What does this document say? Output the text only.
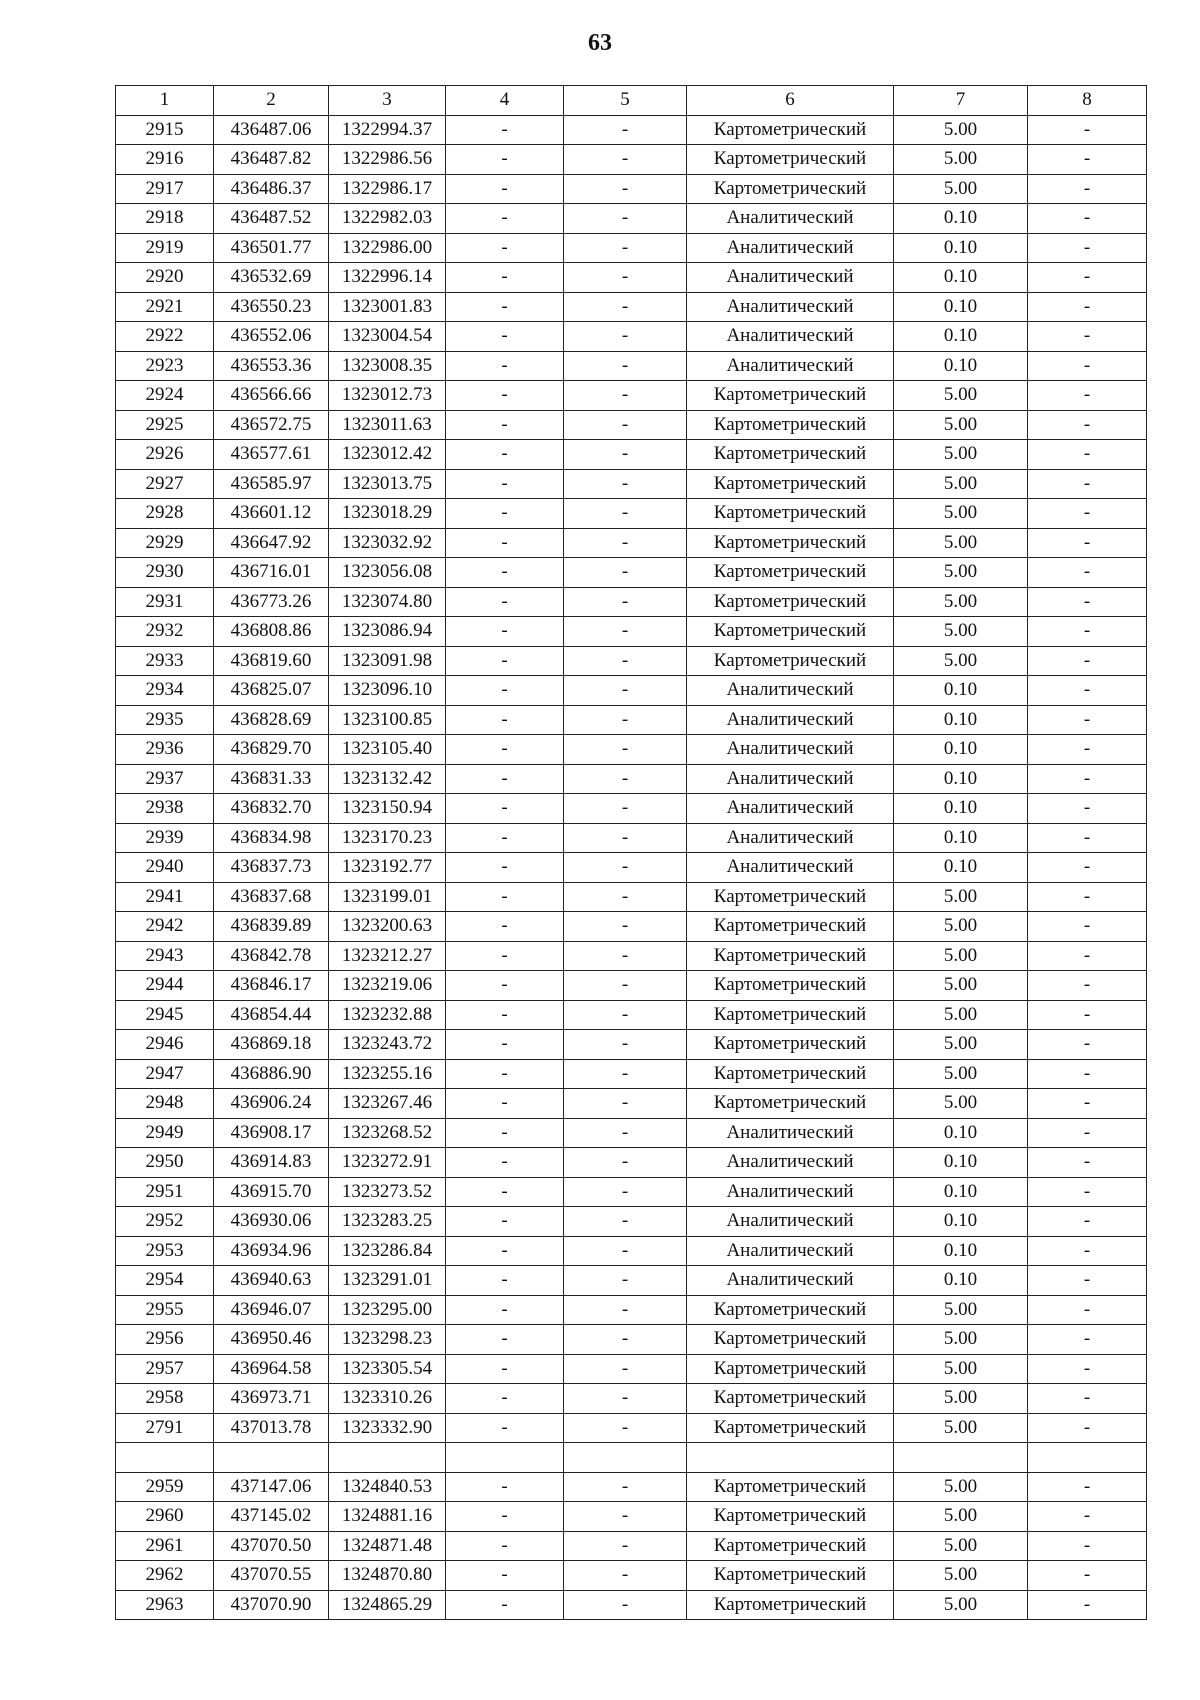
63
1	2	3	4	5	6	7	8
2915	436487.06	1322994.37	-	-	Картометрический	5.00	-
2916	436487.82	1322986.56	-	-	Картометрический	5.00	-
2917	436486.37	1322986.17	-	-	Картометрический	5.00	-
2918	436487.52	1322982.03	-	-	Аналитический	0.10	-
2919	436501.77	1322986.00	-	-	Аналитический	0.10	-
2920	436532.69	1322996.14	-	-	Аналитический	0.10	-
2921	436550.23	1323001.83	-	-	Аналитический	0.10	-
2922	436552.06	1323004.54	-	-	Аналитический	0.10	-
2923	436553.36	1323008.35	-	-	Аналитический	0.10	-
2924	436566.66	1323012.73	-	-	Картометрический	5.00	-
2925	436572.75	1323011.63	-	-	Картометрический	5.00	-
2926	436577.61	1323012.42	-	-	Картометрический	5.00	-
2927	436585.97	1323013.75	-	-	Картометрический	5.00	-
2928	436601.12	1323018.29	-	-	Картометрический	5.00	-
2929	436647.92	1323032.92	-	-	Картометрический	5.00	-
2930	436716.01	1323056.08	-	-	Картометрический	5.00	-
2931	436773.26	1323074.80	-	-	Картометрический	5.00	-
2932	436808.86	1323086.94	-	-	Картометрический	5.00	-
2933	436819.60	1323091.98	-	-	Картометрический	5.00	-
2934	436825.07	1323096.10	-	-	Аналитический	0.10	-
2935	436828.69	1323100.85	-	-	Аналитический	0.10	-
2936	436829.70	1323105.40	-	-	Аналитический	0.10	-
2937	436831.33	1323132.42	-	-	Аналитический	0.10	-
2938	436832.70	1323150.94	-	-	Аналитический	0.10	-
2939	436834.98	1323170.23	-	-	Аналитический	0.10	-
2940	436837.73	1323192.77	-	-	Аналитический	0.10	-
2941	436837.68	1323199.01	-	-	Картометрический	5.00	-
2942	436839.89	1323200.63	-	-	Картометрический	5.00	-
2943	436842.78	1323212.27	-	-	Картометрический	5.00	-
2944	436846.17	1323219.06	-	-	Картометрический	5.00	-
2945	436854.44	1323232.88	-	-	Картометрический	5.00	-
2946	436869.18	1323243.72	-	-	Картометрический	5.00	-
2947	436886.90	1323255.16	-	-	Картометрический	5.00	-
2948	436906.24	1323267.46	-	-	Картометрический	5.00	-
2949	436908.17	1323268.52	-	-	Аналитический	0.10	-
2950	436914.83	1323272.91	-	-	Аналитический	0.10	-
2951	436915.70	1323273.52	-	-	Аналитический	0.10	-
2952	436930.06	1323283.25	-	-	Аналитический	0.10	-
2953	436934.96	1323286.84	-	-	Аналитический	0.10	-
2954	436940.63	1323291.01	-	-	Аналитический	0.10	-
2955	436946.07	1323295.00	-	-	Картометрический	5.00	-
2956	436950.46	1323298.23	-	-	Картометрический	5.00	-
2957	436964.58	1323305.54	-	-	Картометрический	5.00	-
2958	436973.71	1323310.26	-	-	Картометрический	5.00	-
2791	437013.78	1323332.90	-	-	Картометрический	5.00	-

2959	437147.06	1324840.53	-	-	Картометрический	5.00	-
2960	437145.02	1324881.16	-	-	Картометрический	5.00	-
2961	437070.50	1324871.48	-	-	Картометрический	5.00	-
2962	437070.55	1324870.80	-	-	Картометрический	5.00	-
2963	437070.90	1324865.29	-	-	Картометрический	5.00	-
